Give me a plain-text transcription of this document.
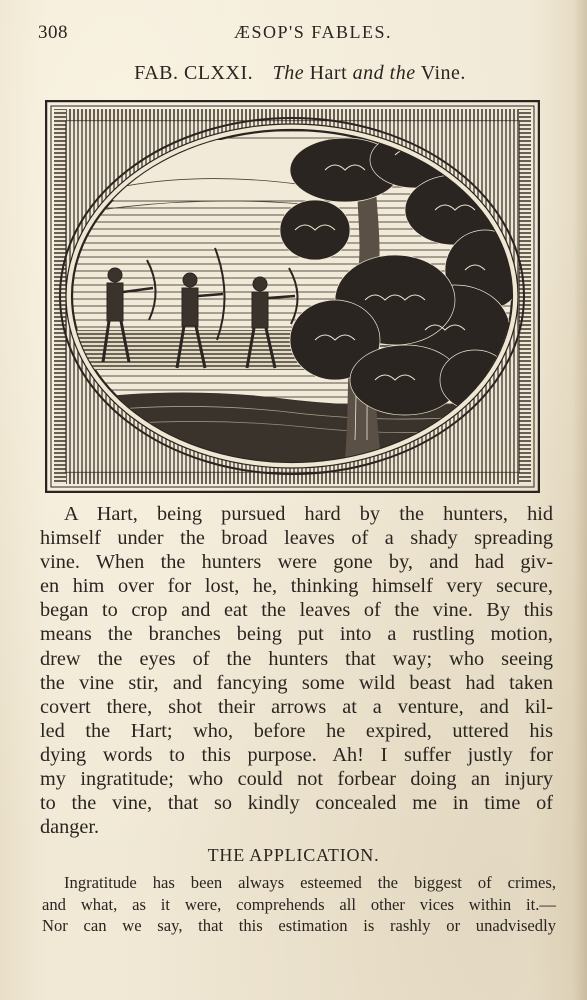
308	ÆSOP'S FABLES.
FAB. CLXXI. The Hart and the Vine.
A Hart, being pursued hard by the hunters, hid
himself under the broad leaves of a shady spreading
vine. When the hunters were gone by, and had giv-
en him over for lost, he, thinking himself very secure,
began to crop and eat the leaves of the vine. By this
means the branches being put into a rustling motion,
drew the eyes of the hunters that way; who seeing
the vine stir, and fancying some wild beast had taken
covert there, shot their arrows at a venture, and kil-
led the Hart; who, before he expired, uttered his
dying words to this purpose. Ah! I suffer justly for
my ingratitude; who could not forbear doing an injury
to the vine, that so kindly concealed me in time of
danger.
THE APPLICATION.
Ingratitude has been always esteemed the biggest of crimes,
and what, as it were, comprehends all other vices within it.—
Nor can we say, that this estimation is rashly or unadvisedly
